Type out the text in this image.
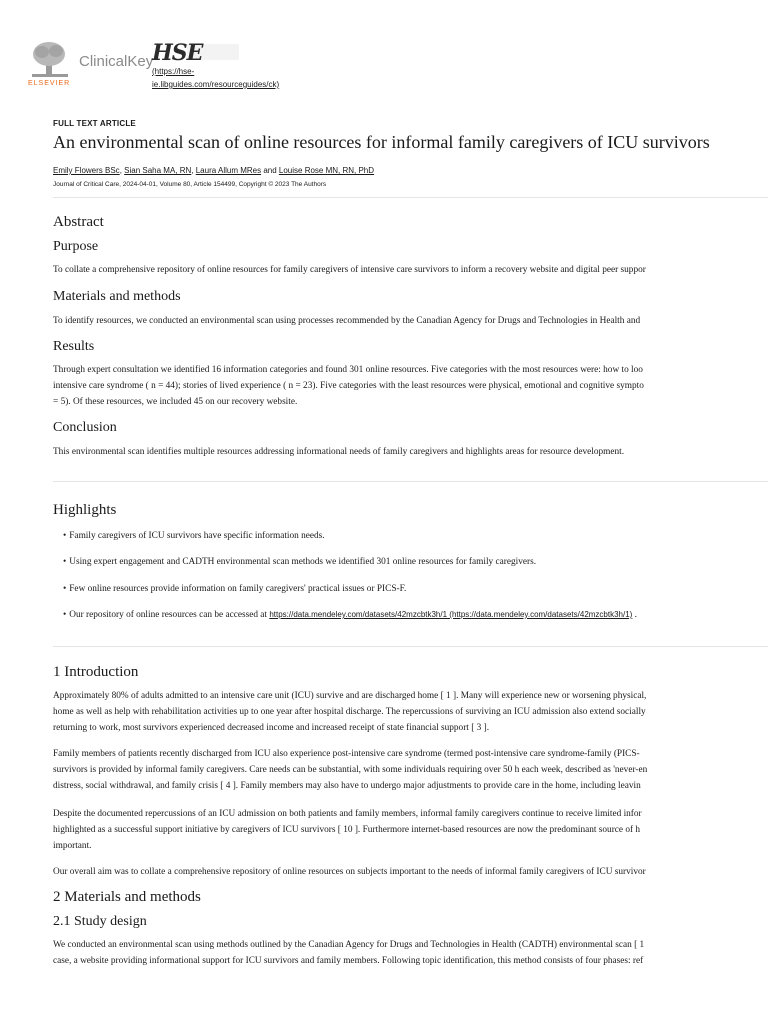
ELSEVIER
ClinicalKey
HSE
(https://hse-
ie.libguides.com/resourceguides/ck)
FULL TEXT ARTICLE
An environmental scan of online resources for informal family caregivers of ICU survivors
Emily Flowers BSc, Sian Saha MA, RN, Laura Allum MRes and Louise Rose MN, RN, PhD
Journal of Critical Care, 2024-04-01, Volume 80, Article 154499, Copyright © 2023 The Authors
Abstract
Purpose
To collate a comprehensive repository of online resources for family caregivers of intensive care survivors to inform a recovery website and digital peer suppor
Materials and methods
To identify resources, we conducted an environmental scan using processes recommended by the Canadian Agency for Drugs and Technologies in Health and
Results
Through expert consultation we identified 16 information categories and found 301 online resources. Five categories with the most resources were: how to loo
intensive care syndrome ( n = 44); stories of lived experience ( n = 23). Five categories with the least resources were physical, emotional and cognitive sympto
= 5). Of these resources, we included 45 on our recovery website.
Conclusion
This environmental scan identifies multiple resources addressing informational needs of family caregivers and highlights areas for resource development.
Highlights
• Family caregivers of ICU survivors have specific information needs.
• Using expert engagement and CADTH environmental scan methods we identified 301 online resources for family caregivers.
• Few online resources provide information on family caregivers' practical issues or PICS-F.
• Our repository of online resources can be accessed at https://data.mendeley.com/datasets/42mzcbtk3h/1 (https://data.mendeley.com/datasets/42mzcbtk3h/1) .
1 Introduction
Approximately 80% of adults admitted to an intensive care unit (ICU) survive and are discharged home [ 1 ]. Many will experience new or worsening physical,
home as well as help with rehabilitation activities up to one year after hospital discharge. The repercussions of surviving an ICU admission also extend socially
returning to work, most survivors experienced decreased income and increased receipt of state financial support [ 3 ].
Family members of patients recently discharged from ICU also experience post-intensive care syndrome (termed post-intensive care syndrome-family (PICS-
survivors is provided by informal family caregivers. Care needs can be substantial, with some individuals requiring over 50 h each week, described as 'never-en
distress, social withdrawal, and family crisis [ 4 ]. Family members may also have to undergo major adjustments to provide care in the home, including leavin
Despite the documented repercussions of an ICU admission on both patients and family members, informal family caregivers continue to receive limited infor
highlighted as a successful support initiative by caregivers of ICU survivors [ 10 ]. Furthermore internet-based resources are now the predominant source of h
important.
Our overall aim was to collate a comprehensive repository of online resources on subjects important to the needs of informal family caregivers of ICU survivor
2 Materials and methods
2.1 Study design
We conducted an environmental scan using methods outlined by the Canadian Agency for Drugs and Technologies in Health (CADTH) environmental scan [ 1
case, a website providing informational support for ICU survivors and family members. Following topic identification, this method consists of four phases: ref
